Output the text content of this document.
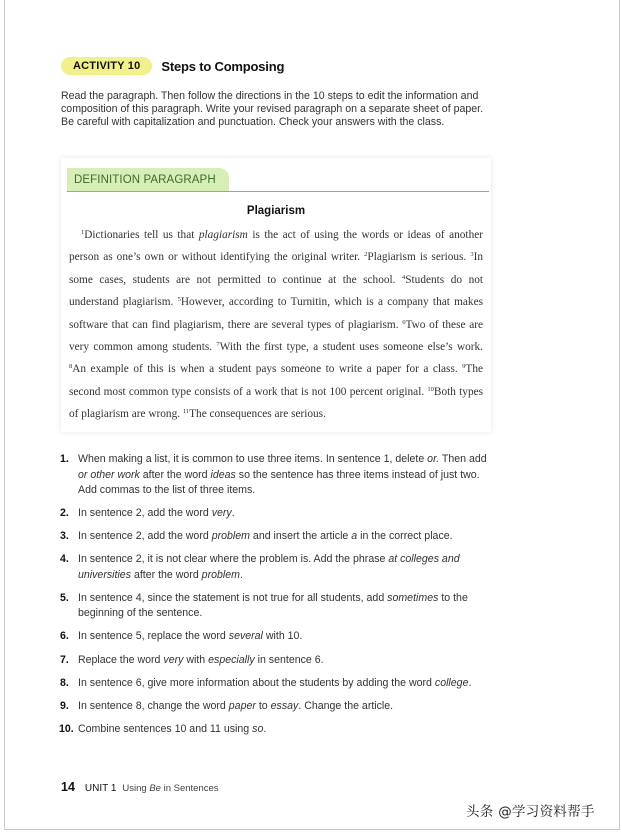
ACTIVITY 10	Steps to Composing
Read the paragraph. Then follow the directions in the 10 steps to edit the information and composition of this paragraph. Write your revised paragraph on a separate sheet of paper. Be careful with capitalization and punctuation. Check your answers with the class.
DEFINITION PARAGRAPH
Plagiarism
$^1$Dictionaries tell us that plagiarism is the act of using the words or ideas of another person as one’s own or without identifying the original writer. $^2$Plagiarism is serious. $^3$In some cases, students are not permitted to continue at the school. $^4$Students do not understand plagiarism. $^5$However, according to Turnitin, which is a company that makes software that can find plagiarism, there are several types of plagiarism. $^6$Two of these are very common among students. $^7$With the first type, a student uses someone else’s work. $^8$An example of this is when a student pays someone to write a paper for a class. $^9$The second most common type consists of a work that is not 100 percent original. $^{10}$Both types of plagiarism are wrong. $^{11}$The consequences are serious.
1. When making a list, it is common to use three items. In sentence 1, delete or. Then add or other work after the word ideas so the sentence has three items instead of just two. Add commas to the list of three items.
2. In sentence 2, add the word very.
3. In sentence 2, add the word problem and insert the article a in the correct place.
4. In sentence 2, it is not clear where the problem is. Add the phrase at colleges and universities after the word problem.
5. In sentence 4, since the statement is not true for all students, add sometimes to the beginning of the sentence.
6. In sentence 5, replace the word several with 10.
7. Replace the word very with especially in sentence 6.
8. In sentence 6, give more information about the students by adding the word college.
9. In sentence 8, change the word paper to essay. Change the article.
10. Combine sentences 10 and 11 using so.
14 UNIT 1 Using Be in Sentences
头条 @学习资料帮手
